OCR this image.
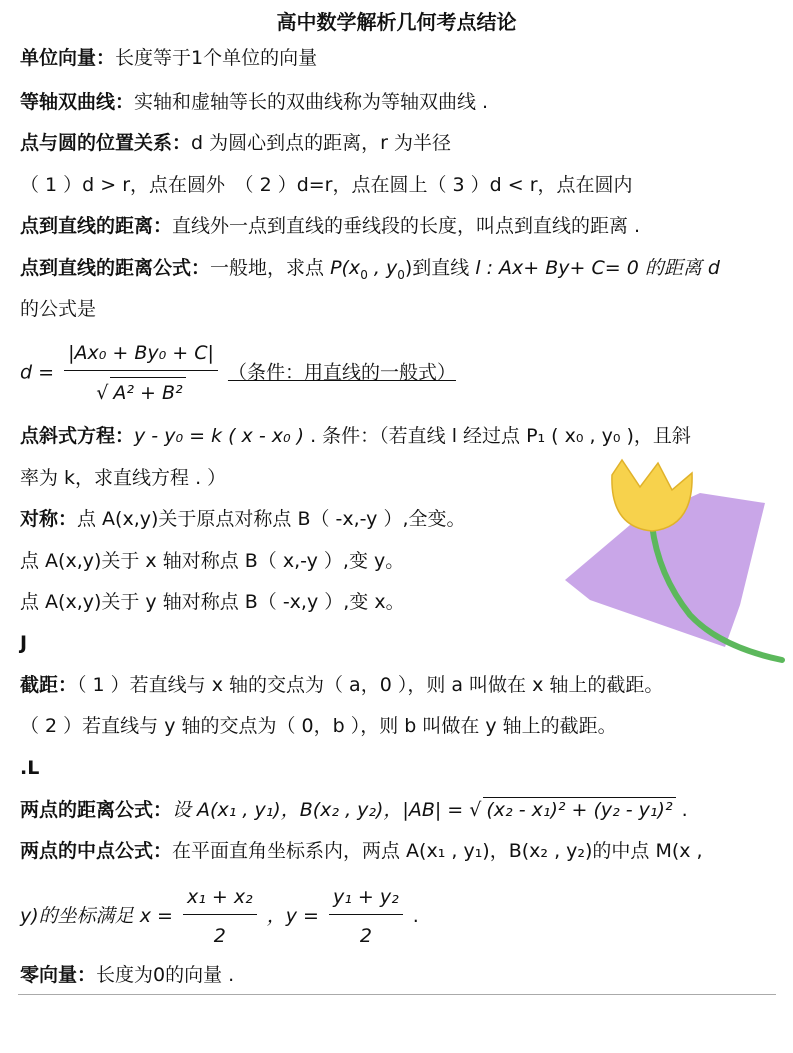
高中数学解析几何考点结论
单位向量：长度等于1个单位的向量
等轴双曲线：实轴和虚轴等长的双曲线称为等轴双曲线 .
点与圆的位置关系：d 为圆心到点的距离，r 为半径
（ 1 ）d > r，点在圆外　（ 2 ）d=r，点在圆上（ 3 ）d < r，点在圆内
点到直线的距离：直线外一点到直线的垂线段的长度，叫点到直线的距离 .
点到直线的距离公式：一般地，求点 $P(x_0$ , $y_0$)到直线 l : Ax+ By+ C= 0 的距离 d
的公式是
$d = \frac{\text{|Ax₀ + By₀ + C|}}{\text{√ A² + B²}}$ （条件：用直线的一般式）
点斜式方程：y - y₀ = k ( x - x₀ ) . 条件：（若直线 l 经过点 P₁ ( x₀ , y₀ )，且斜
率为 k，求直线方程 . ）
对称：点 A(x,y)关于原点对称点 B（ -x,-y ）,全变。
点 A(x,y)关于 x 轴对称点 B（ x,-y ）,变 y。
点 A(x,y)关于 y 轴对称点 B（ -x,y ）,变 x。
J
截距：（ 1 ）若直线与 x 轴的交点为（ a，0 ），则 a 叫做在 x 轴上的截距。
（ 2 ）若直线与 y 轴的交点为（ 0，b ），则 b 叫做在 y 轴上的截距。
.L
两点的距离公式：设 A(x₁ , y₁)，B(x₂ , y₂)，|AB| = √ (x₂ - x₁)² + (y₂ - y₁)² .
两点的中点公式：在平面直角坐标系内，两点 A(x₁ , y₁)，B(x₂ , y₂)的中点 M(x ,
y)的坐标满足 $x = \frac{\text{x₁ + x₂}}{2}$ ，$y = \frac{\text{y₁ + y₂}}{2}$ .
零向量：长度为0的向量 .
